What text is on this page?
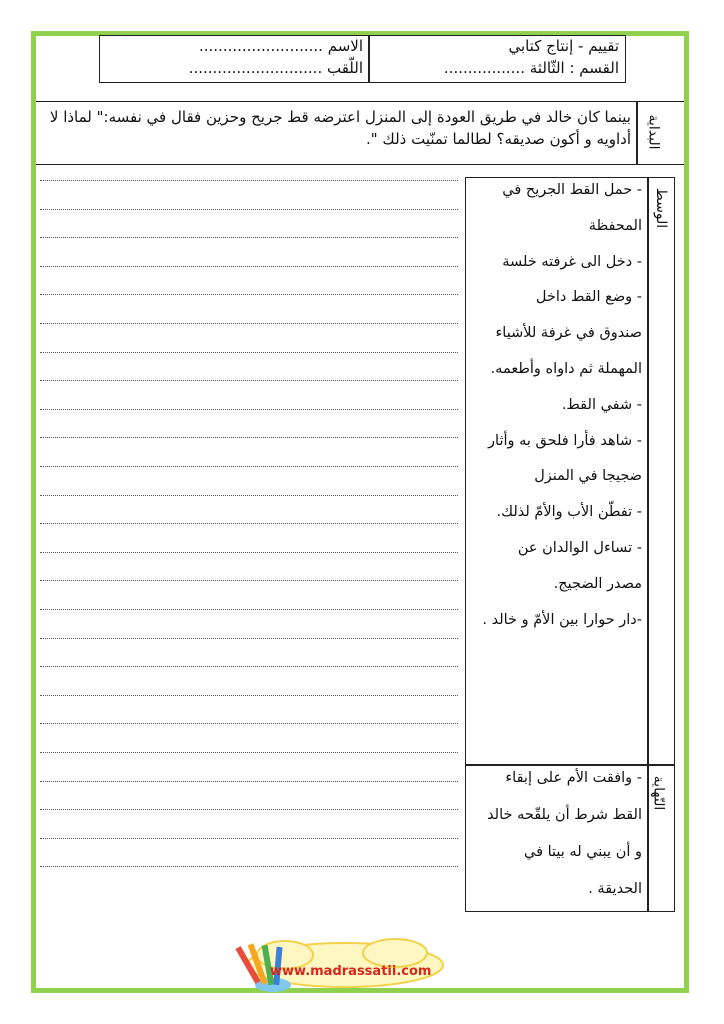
تقييم - إنتاج كتابي
القسم : الثّالثة .................
الاسم ..........................
اللّقب ............................
بينما كان خالد في طريق العودة إلى المنزل اعترضه قط جريح وحزين فقال في نفسه:" لماذا لا أداويه و أكون صديقه؟ لطالما تمنّيت ذلك ". البداية
الوسط
- حمل القط الجريح في
المحفظة
- دخل الى غرفته خلسة
- وضع القط داخل
صندوق في غرفة للأشياء
المهملة ثم داواه وأطعمه.
- شفي القط.
- شاهد فأرا فلحق به وأثار
ضجيجا في المنزل
- تفطّن الأب والأمّ لذلك.
- تساءل الوالدان عن
مصدر الضجيج.
-دار حوارا بين الأمّ و خالد .
النّهاية
- وافقت الأم على إبقاء
القط شرط أن يلقّحه خالد
و أن يبني له بيتا في
الحديقة .
www.madrassatii.com
